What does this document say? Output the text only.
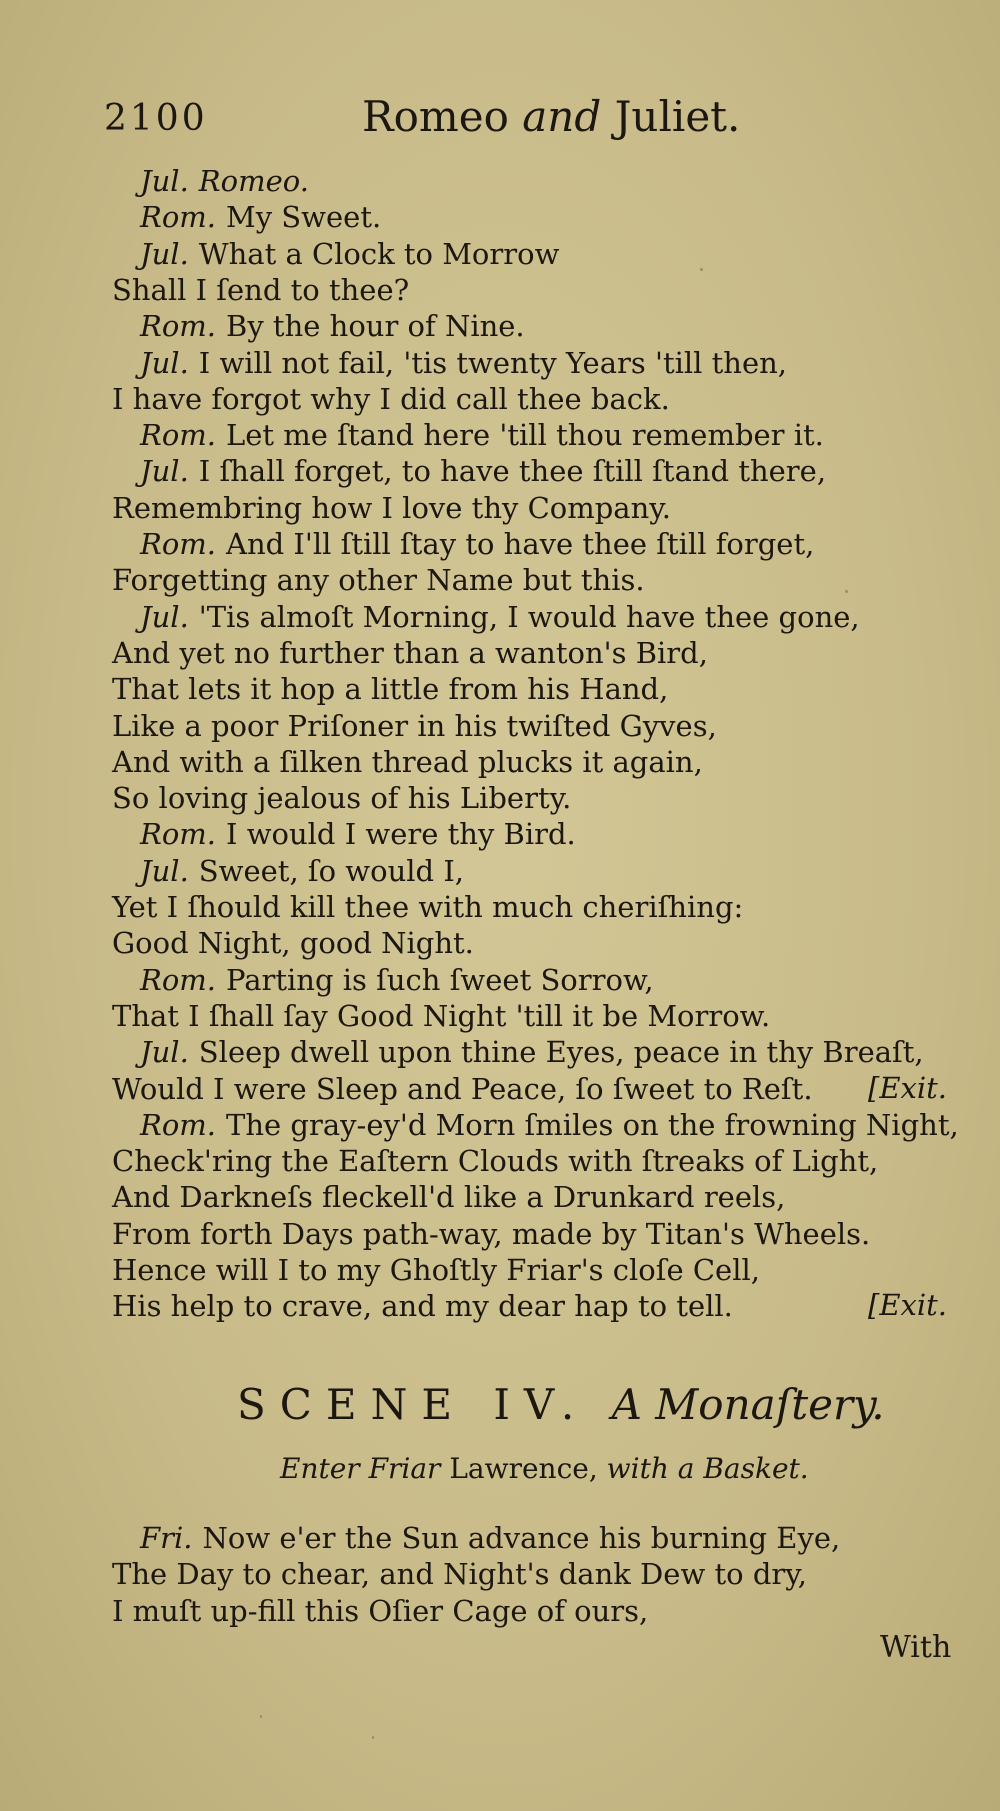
2100	Romeo and Juliet.
Jul. Romeo.
Rom. My Sweet.
Jul. What a Clock to Morrow
Shall I ſend to thee?
Rom. By the hour of Nine.
Jul. I will not fail, 'tis twenty Years 'till then,
I have forgot why I did call thee back.
Rom. Let me ſtand here 'till thou remember it.
Jul. I ſhall forget, to have thee ſtill ſtand there,
Remembring how I love thy Company.
Rom. And I'll ſtill ſtay to have thee ſtill forget,
Forgetting any other Name but this.
Jul. 'Tis almoſt Morning, I would have thee gone,
And yet no further than a wanton's Bird,
That lets it hop a little from his Hand,
Like a poor Priſoner in his twiſted Gyves,
And with a ſilken thread plucks it again,
So loving jealous of his Liberty.
Rom. I would I were thy Bird.
Jul. Sweet, ſo would I,
Yet I ſhould kill thee with much cheriſhing:
Good Night, good Night.
Rom. Parting is ſuch ſweet Sorrow,
That I ſhall ſay Good Night 'till it be Morrow.
Jul. Sleep dwell upon thine Eyes, peace in thy Breaſt,
Would I were Sleep and Peace, ſo ſweet to Reſt. [Exit.
Rom. The gray-ey'd Morn ſmiles on the frowning Night,
Check'ring the Eaſtern Clouds with ſtreaks of Light,
And Darkneſs fleckell'd like a Drunkard reels,
From forth Days path-way, made by Titan's Wheels.
Hence will I to my Ghoſtly Friar's cloſe Cell,
His help to crave, and my dear hap to tell.	[Exit.
SCENE IV. A Monaſtery.
Enter Friar Lawrence, with a Basket.
Fri. Now e'er the Sun advance his burning Eye,
The Day to chear, and Night's dank Dew to dry,
I muſt up-fill this Oſier Cage of ours,
With
